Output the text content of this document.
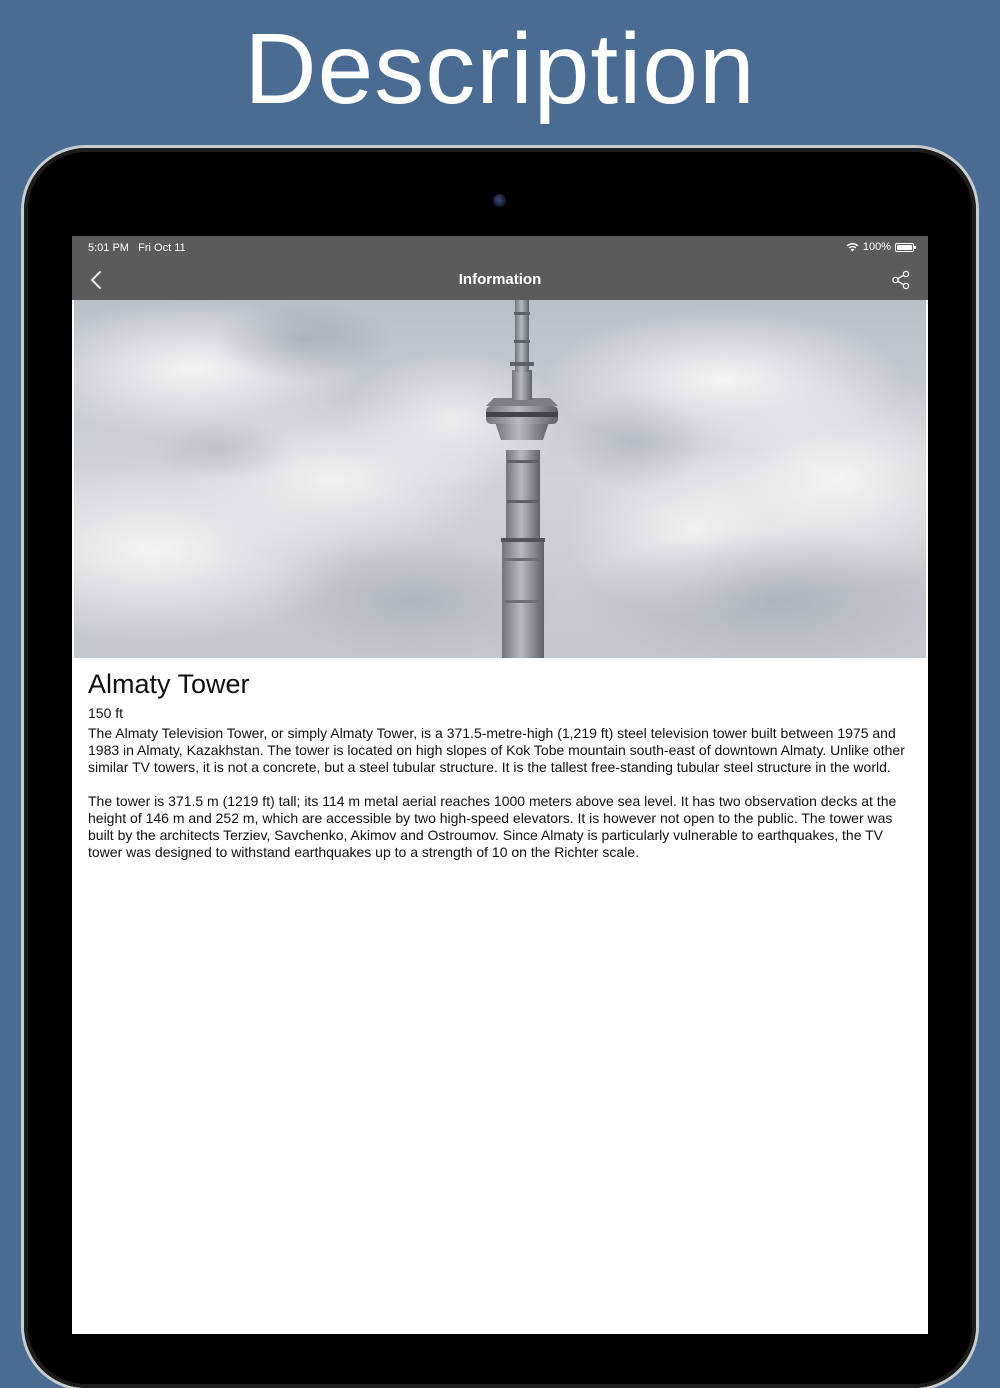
Description
5:01 PM Fri Oct 11	100%
Information
Almaty Tower
150 ft

The Almaty Television Tower, or simply Almaty Tower, is a 371.5-metre-high (1,219 ft) steel television tower built between 1975 and 1983 in Almaty, Kazakhstan. The tower is located on high slopes of Kok Tobe mountain south-east of downtown Almaty. Unlike other similar TV towers, it is not a concrete, but a steel tubular structure. It is the tallest free-standing tubular steel structure in the world.

The tower is 371.5 m (1219 ft) tall; its 114 m metal aerial reaches 1000 meters above sea level. It has two observation decks at the height of 146 m and 252 m, which are accessible by two high-speed elevators. It is however not open to the public. The tower was built by the architects Terziev, Savchenko, Akimov and Ostroumov. Since Almaty is particularly vulnerable to earthquakes, the TV tower was designed to withstand earthquakes up to a strength of 10 on the Richter scale.
